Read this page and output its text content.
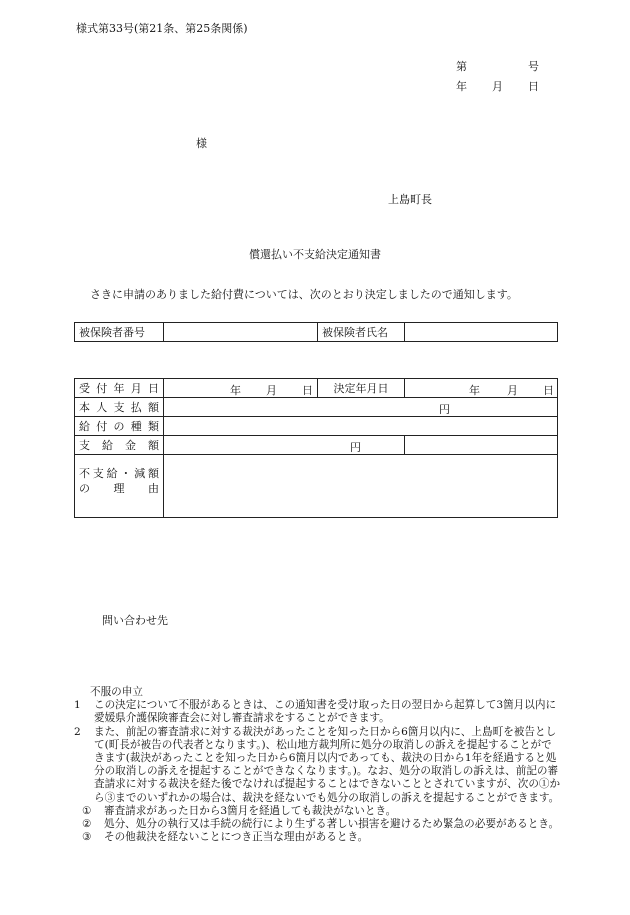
様式第33号(第21条、第25条関係)
第	号
年 月 日
様
上島町長
償還払い不支給決定通知書
さきに申請のありました給付費については、次のとおり決定しましたので通知します。
被保険者番号		被保険者氏名	
受付年月日	年 月 日	決定年月日	年 月 日

本人支払額	円		

給付の種類			
支給金額	円		

不支給・減額
の 理 由			

問い合わせ先
不服の申立
1	この決定について不服があるときは、この通知書を受け取った日の翌日から起算して3箇月以内に愛媛県介護保険審査会に対し審査請求をすることができます。
2	また、前記の審査請求に対する裁決があったことを知った日から6箇月以内に、上島町を被告として(町長が被告の代表者となります。)、松山地方裁判所に処分の取消しの訴えを提起することができます(裁決があったことを知った日から6箇月以内であっても、裁決の日から1年を経過すると処分の取消しの訴えを提起することができなくなります。)。なお、処分の取消しの訴えは、前記の審査請求に対する裁決を経た後でなければ提起することはできないこととされていますが、次の①から③までのいずれかの場合は、裁決を経ないでも処分の取消しの訴えを提起することができます。
①	審査請求があった日から3箇月を経過しても裁決がないとき。
②	処分、処分の執行又は手続の続行により生ずる著しい損害を避けるため緊急の必要があるとき。
③	その他裁決を経ないことにつき正当な理由があるとき。
